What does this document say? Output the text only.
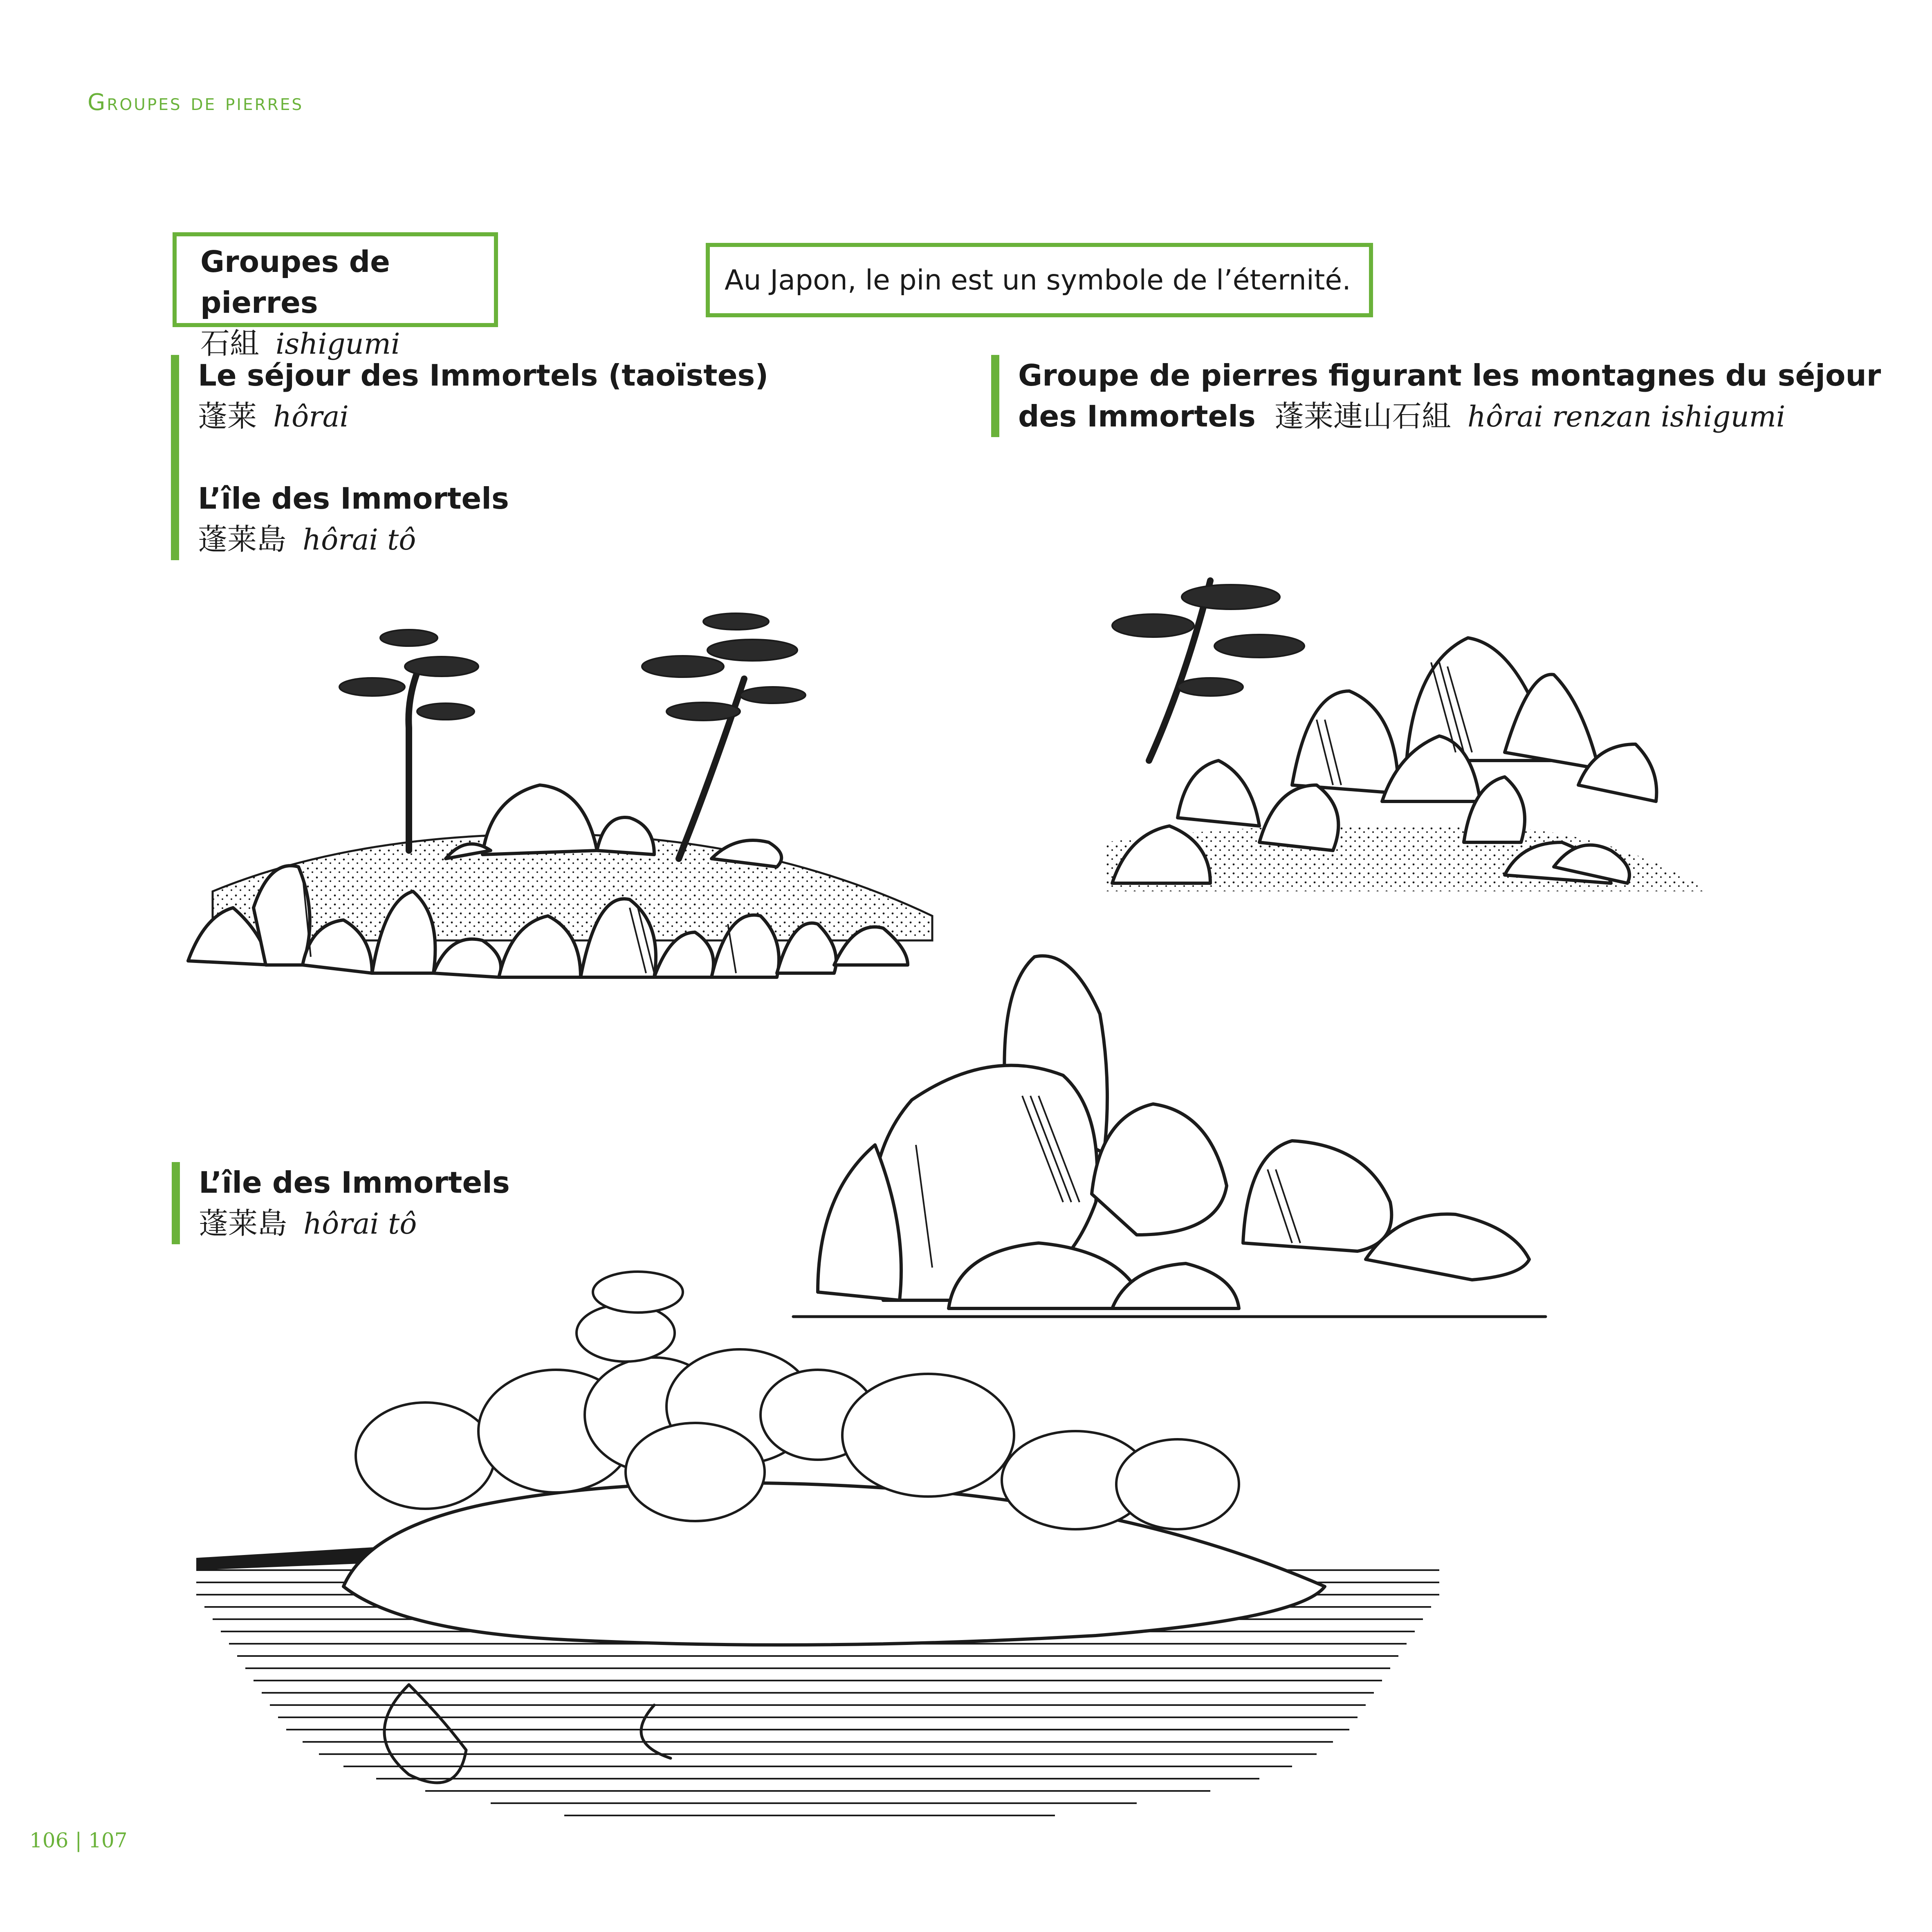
Groupes de pierres
Groupes de pierres
石組 ishigumi
Au Japon, le pin est un symbole de l’éternité.
Le séjour des Immortels (taoïstes)
蓬莱 hôrai
L’île des Immortels
蓬莱島 hôrai tô
Groupe de pierres figurant les montagnes du séjour
des Immortels 蓬莱連山石組 hôrai renzan ishigumi
L’île des Immortels
蓬莱島 hôrai tô
106 | 107
